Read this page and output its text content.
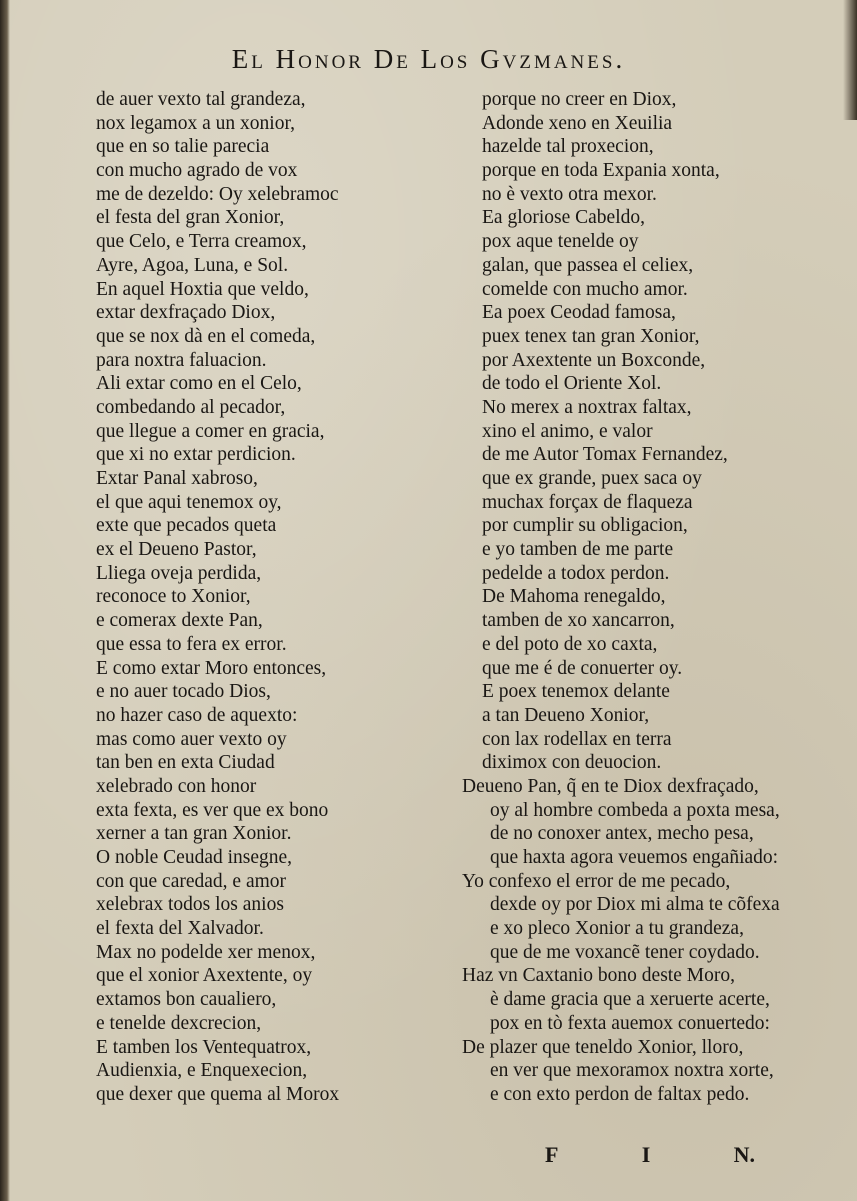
El Honor De Los Gvzmanes.
de auer vexto tal grandeza,
nox legamox a un xonior,
que en so talie parecia
con mucho agrado de vox
me de dezeldo: Oy xelebramoc
el festa del gran Xonior,
que Celo, e Terra creamox,
Ayre, Agoa, Luna, e Sol.
En aquel Hoxtia que veldo,
extar dexfraçado Diox,
que se nox dà en el comeda,
para noxtra faluacion.
Ali extar como en el Celo,
combedando al pecador,
que llegue a comer en gracia,
que xi no extar perdicion.
Extar Panal xabroso,
el que aqui tenemox oy,
exte que pecados queta
ex el Deueno Pastor,
Lliega oveja perdida,
reconoce to Xonior,
e comerax dexte Pan,
que essa to fera ex error.
E como extar Moro entonces,
e no auer tocado Dios,
no hazer caso de aquexto:
mas como auer vexto oy
tan ben en exta Ciudad
xelebrado con honor
exta fexta, es ver que ex bono
xerner a tan gran Xonior.
O noble Ceudad insegne,
con que caredad, e amor
xelebrax todos los anios
el fexta del Xalvador.
Max no podelde xer menox,
que el xonior Axextente, oy
extamos bon caualiero,
e tenelde dexcrecion,
E tamben los Ventequatrox,
Audienxia, e Enquexecion,
que dexer que quema al Morox
porque no creer en Diox,
Adonde xeno en Xeuilia
hazelde tal proxecion,
porque en toda Expania xonta,
no è vexto otra mexor.
Ea gloriose Cabeldo,
pox aque tenelde oy
galan, que passea el celiex,
comelde con mucho amor.
Ea poex Ceodad famosa,
puex tenex tan gran Xonior,
por Axextente un Boxconde,
de todo el Oriente Xol.
No merex a noxtrax faltax,
xino el animo, e valor
de me Autor Tomax Fernandez,
que ex grande, puex saca oy
muchax forçax de flaqueza
por cumplir su obligacion,
e yo tamben de me parte
pedelde a todox perdon.
De Mahoma renegaldo,
tamben de xo xancarron,
e del poto de xo caxta,
que me é de conuerter oy.
E poex tenemox delante
a tan Deueno Xonior,
con lax rodellax en terra
diximox con deuocion.
Deueno Pan, q̃ en te Diox dexfraçado,
oy al hombre combeda a poxta mesa,
de no conoxer antex, mecho pesa,
que haxta agora veuemos engañiado:
Yo confexo el error de me pecado,
dexde oy por Diox mi alma te cõfexa
e xo pleco Xonior a tu grandeza,
que de me voxancẽ tener coydado.
Haz vn Caxtanio bono deste Moro,
è dame gracia que a xeruerte acerte,
pox en tò fexta auemox conuertedo:
De plazer que teneldo Xonior, lloro,
en ver que mexoramox noxtra xorte,
e con exto perdon de faltax pedo.
F	I	N.
